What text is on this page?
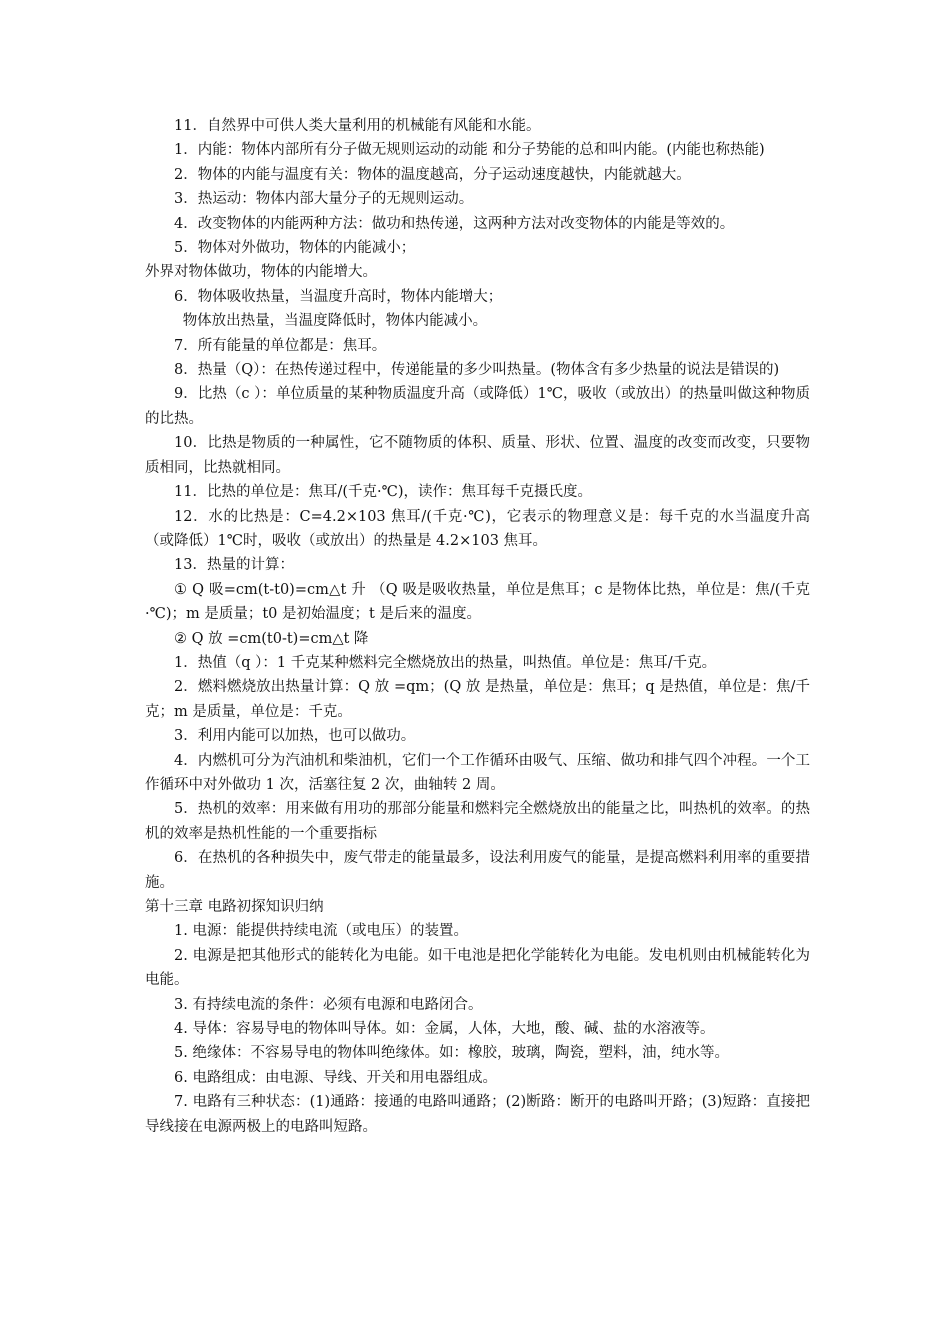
11．自然界中可供人类大量利用的机械能有风能和水能。

1．内能：物体内部所有分子做无规则运动的动能 和分子势能的总和叫内能。(内能也称热能)

2．物体的内能与温度有关：物体的温度越高，分子运动速度越快，内能就越大。

3．热运动：物体内部大量分子的无规则运动。

4．改变物体的内能两种方法：做功和热传递，这两种方法对改变物体的内能是等效的。

5．物体对外做功，物体的内能减小；

外界对物体做功，物体的内能增大。

6．物体吸收热量，当温度升高时，物体内能增大；

物体放出热量，当温度降低时，物体内能减小。

7．所有能量的单位都是：焦耳。

8．热量（Q）：在热传递过程中，传递能量的多少叫热量。(物体含有多少热量的说法是错误的)

9．比热（c ）：单位质量的某种物质温度升高（或降低）1℃，吸收（或放出）的热量叫做这种物质的比热。

10．比热是物质的一种属性，它不随物质的体积、质量、形状、位置、温度的改变而改变，只要物质相同，比热就相同。

11．比热的单位是：焦耳/(千克·℃)，读作：焦耳每千克摄氏度。

12．水的比热是：C=4.2×103 焦耳/(千克·℃)，它表示的物理意义是：每千克的水当温度升高（或降低）1℃时，吸收（或放出）的热量是 4.2×103 焦耳。

13．热量的计算：

① Q 吸=cm(t-t0)=cm△t 升 （Q 吸是吸收热量，单位是焦耳；c 是物体比热，单位是：焦/(千克·℃)；m 是质量；t0 是初始温度；t 是后来的温度。

② Q 放 =cm(t0-t)=cm△t 降

1．热值（q ）：1 千克某种燃料完全燃烧放出的热量，叫热值。单位是：焦耳/千克。

2．燃料燃烧放出热量计算：Q 放 =qm；(Q 放 是热量，单位是：焦耳；q 是热值，单位是：焦/千克；m 是质量，单位是：千克。

3．利用内能可以加热，也可以做功。

4．内燃机可分为汽油机和柴油机，它们一个工作循环由吸气、压缩、做功和排气四个冲程。一个工作循环中对外做功 1 次，活塞往复 2 次，曲轴转 2 周。

5．热机的效率：用来做有用功的那部分能量和燃料完全燃烧放出的能量之比，叫热机的效率。的热机的效率是热机性能的一个重要指标

6．在热机的各种损失中，废气带走的能量最多，设法利用废气的能量，是提高燃料利用率的重要措施。

第十三章 电路初探知识归纳

1. 电源：能提供持续电流（或电压）的装置。

2. 电源是把其他形式的能转化为电能。如干电池是把化学能转化为电能。发电机则由机械能转化为电能。

3. 有持续电流的条件：必须有电源和电路闭合。

4. 导体：容易导电的物体叫导体。如：金属，人体，大地，酸、碱、盐的水溶液等。

5. 绝缘体：不容易导电的物体叫绝缘体。如：橡胶，玻璃，陶瓷，塑料，油，纯水等。

6. 电路组成：由电源、导线、开关和用电器组成。

7. 电路有三种状态：(1)通路：接通的电路叫通路；(2)断路：断开的电路叫开路；(3)短路：直接把导线接在电源两极上的电路叫短路。
